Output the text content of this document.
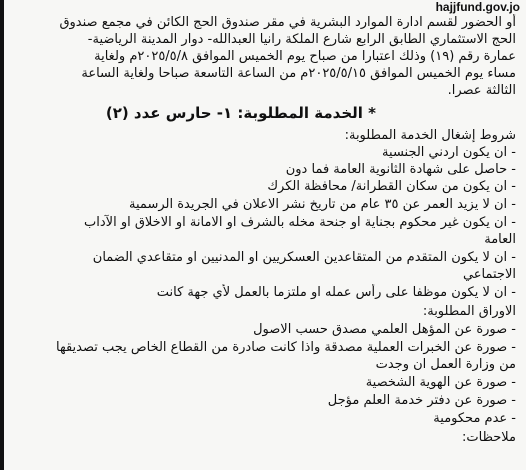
hajjfund.gov.jo
أو الحضور لقسم ادارة الموارد البشرية في مقر صندوق الحج الكائن في مجمع صندوق
الحج الاستثماري الطابق الرابع شارع الملكة رانيا العبدالله- دوار المدينة الرياضية-
عمارة رقم (١٩) وذلك اعتبارا من صباح يوم الخميس الموافق ٢٠٢٥/٥/٨م ولغاية
مساء يوم الخميس الموافق ٢٠٢٥/٥/١٥م من الساعة التاسعة صباحا ولغاية الساعة
الثالثة عصرا.
* الخدمة المطلوبة: ١- حارس عدد (٢)
شروط إشغال الخدمة المطلوبة:
- ان يكون اردني الجنسية
- حاصل على شهادة الثانوية العامة فما دون
- ان يكون من سكان القطرانة/ محافظة الكرك
- ان لا يزيد العمر عن ٣٥ عام من تاريخ نشر الاعلان في الجريدة الرسمية
- ان يكون غير محكوم بجناية او جنحة مخله بالشرف او الامانة او الاخلاق او الآداب
العامة
- ان لا يكون المتقدم من المتقاعدين العسكريين او المدنيين او متقاعدي الضمان
الاجتماعي
- ان لا يكون موظفا على رأس عمله او ملتزما بالعمل لأي جهة كانت
الاوراق المطلوبة:
- صورة عن المؤهل العلمي مصدق حسب الاصول
- صورة عن الخبرات العملية مصدقة واذا كانت صادرة من القطاع الخاص يجب تصديقها
من وزارة العمل ان وجدت
- صورة عن الهوية الشخصية
- صورة عن دفتر خدمة العلم مؤجل
- عدم محكومية
ملاحظات:
